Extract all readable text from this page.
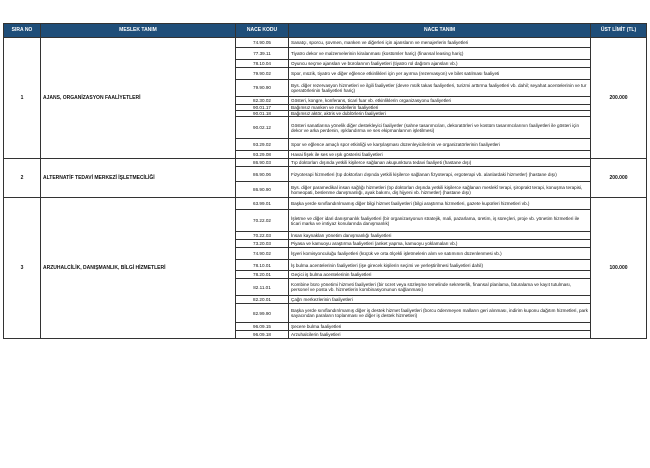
SIRA NO	MESLEK TANIM	NACE KODU	NACE TANIM	ÜST LİMİT (TL)
1	AJANS, ORGANİZASYON FAALİYETLERİ	74.90.05	Sanatçı, sporcu, şovmen, manken ve diğerleri için ajansların ve menajerlerin faaliyetleri	200.000
		77.39.11	Tiyatro dekor ve malzemelerinin kiralanması (kostümler hariç) (finansal leasing hariç)	
		78.10.04	Oyuncu seçme ajansları ve bürolarının faaliyetleri (tiyatro rol dağıtım ajansları vb.)	
		79.90.02	Spor, müzik, tiyatro ve diğer eğlence etkinlikleri için yer ayırma (rezervasyon) ve bilet satılması faaliyeti	
		79.90.90	Bys. diğer rezervasyon hizmetleri ve ilgili faaliyetler (devre mülk takas faaliyetleri, turizmi arttırma faaliyetleri vb. dahil; seyahat acentelerinin ve tur operatörlerinin faaliyetleri hariç)	
		82.30.02	Gösteri, kongre, konferans, ticari fuar vb. etkinliklerin organizasyonu faaliyetleri	
		90.01.17	Bağımsız manken ve modellerin faaliyetleri	
		90.01.18	Bağımsız aktör, aktris ve dublörlerin faaliyetleri	
		90.02.12	Gösteri sanatlarına yönelik diğer destekleyici faaliyetler (sahne tasarımcıları, dekoratörleri ve kostüm tasarımcılarının faaliyetleri ile gösteri için dekor ve arka perdenin, ışıklandırma ve ses ekipmanlarının işletilmesi)	
		93.29.02	Spor ve eğlence amaçlı spor etkinliği ve karşılaşması düzenleyicilerinin ve organizatörlerinin faaliyetleri	
		93.29.08	Havai fişek ile ses ve ışık gösterisi faaliyetleri	
2	ALTERNATİF TEDAVİ MERKEZİ İŞLETMECİLİĞİ	86.90.03	Tıp doktorları dışında yetkili kişilerce sağlanan akupunktura tedavi faaliyeti (hastane dışı)	200.000
		86.90.06	Fizyoterapi hizmetleri (tıp doktorları dışında yetkili kişilerce sağlanan fizyoterapi, ergoterapi vb. alanlardaki hizmetler) (hastane dışı)	
		86.90.90	Bys. diğer paramedikal insan sağlığı hizmetleri (tıp doktorları dışında yetkili kişilerce sağlanan meslekî terapi, şiroprakt terapi, konuşma terapisi, homeopati, beslenme danışmanlığı, ayak bakımı, diş hijyeni vb. hizmetler) (hastane dışı)	
3	ARZUHALCİLİK, DANIŞMANLIK, BİLGİ HİZMETLERİ	63.99.01	Başka yerde sınıflandırılmamış diğer bilgi hizmet faaliyetleri (bilgi araştırma hizmetleri, gazete kupürleri hizmetleri vb.)	100.000
		70.22.02	İşletme ve diğer idari danışmanlık faaliyetleri (bir organizasyonun stratejik, mali, pazarlama, üretim, iş süreçleri, proje vb. yönetim hizmetleri ile ticari marka ve imtiyaz konularında danışmanlık)	
		70.22.03	İnsan kaynakları yönetim danışmanlığı faaliyetleri	
		73.20.03	Piyasa ve kamuoyu araştırma faaliyetleri (anket yapma, kamuoyu yoklamaları vb.)	
		74.90.02	İşyeri komisyonculuğu faaliyetleri (küçük ve orta ölçekli işletmelerin alım ve satımının düzenlenmesi vb.)	
		78.10.01	İş bulma acentelerinin faaliyetleri (işe girecek kişilerin seçimi ve yerleştirilmesi faaliyetleri dahil)	
		78.20.01	Geçici iş bulma acentelerinin faaliyetleri	
		82.11.01	Kombine büro yönetimi hizmeti faaliyetleri (bir ücret veya sözleşme temelinde sekreterlik, finansal planlama, faturalama ve kayıt tutulması, personel ve posta vb. hizmetlerin kombinasyonunun sağlanması)	
		82.20.01	Çağrı merkezlerinin faaliyetleri	
		82.99.90	Başka yerde sınıflandırılmamış diğer iş destek hizmet faaliyetleri (borcu ödenmeyen malların geri alınması, indirim kuponu dağıtım hizmetleri, park sayacından paraların toplanması ve diğer iş destek hizmetleri)	
		96.09.15	Şecere bulma faaliyetleri	
		96.09.18	Arzuhalcilerin faaliyetleri	
